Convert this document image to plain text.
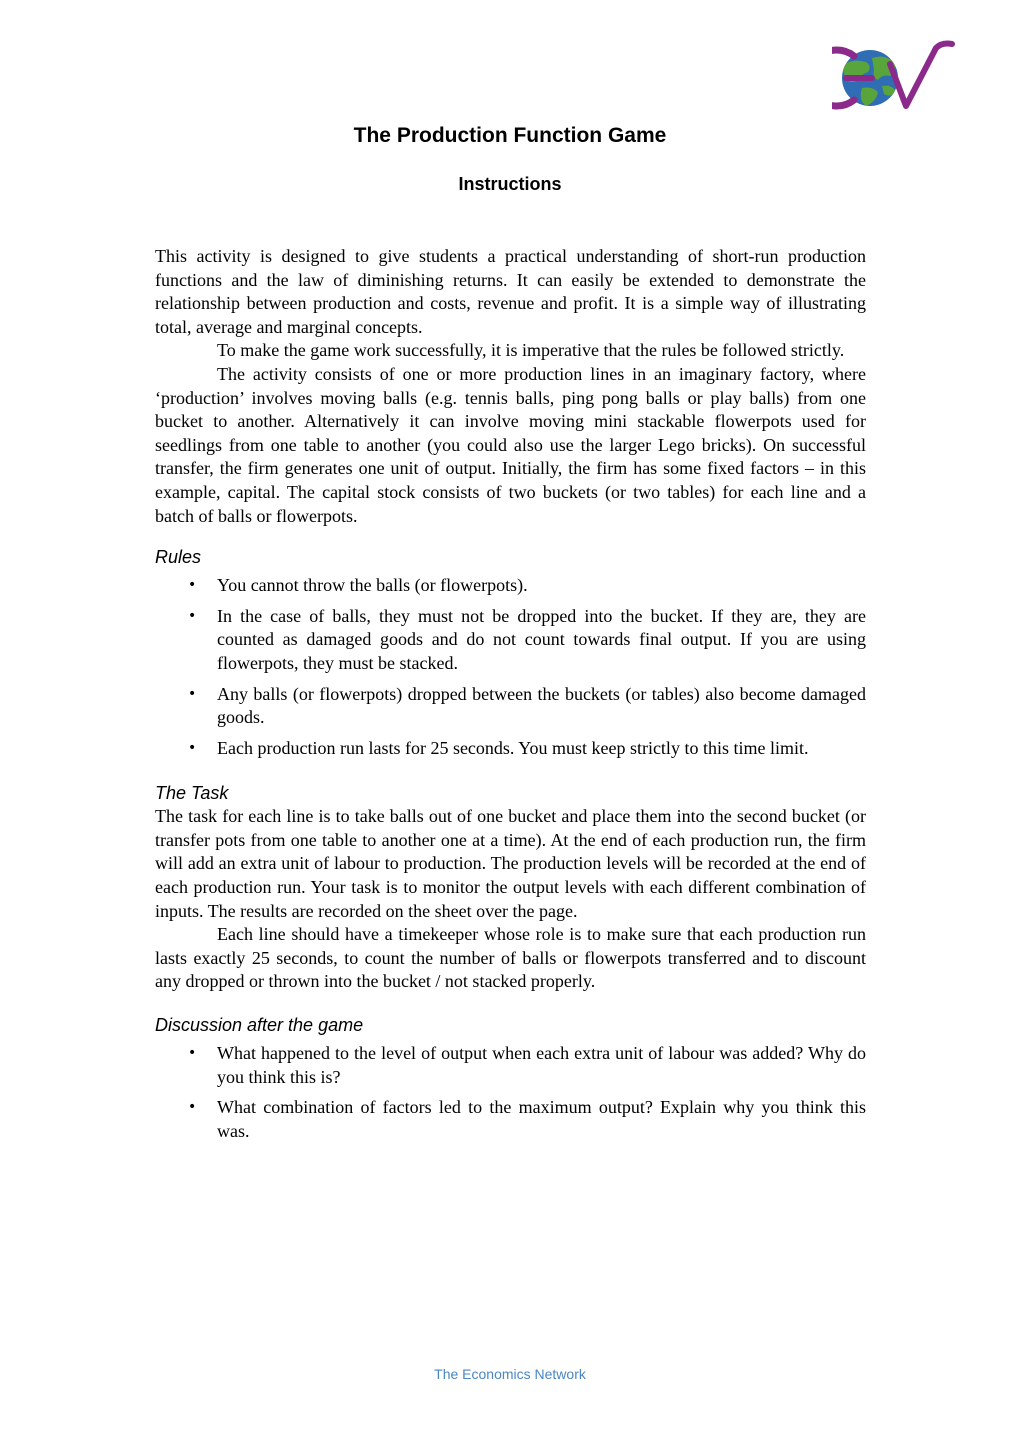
The Production Function Game
Instructions

This activity is designed to give students a practical understanding of short-run production functions and the law of diminishing returns. It can easily be extended to demonstrate the relationship between production and costs, revenue and profit. It is a simple way of illustrating total, average and marginal concepts.

To make the game work successfully, it is imperative that the rules be followed strictly.

The activity consists of one or more production lines in an imaginary factory, where ‘production’ involves moving balls (e.g. tennis balls, ping pong balls or play balls) from one bucket to another. Alternatively it can involve moving mini stackable flowerpots used for seedlings from one table to another (you could also use the larger Lego bricks). On successful transfer, the firm generates one unit of output. Initially, the firm has some fixed factors – in this example, capital. The capital stock consists of two buckets (or two tables) for each line and a batch of balls or flowerpots.

Rules
• You cannot throw the balls (or flowerpots).
• In the case of balls, they must not be dropped into the bucket. If they are, they are counted as damaged goods and do not count towards final output. If you are using flowerpots, they must be stacked.
• Any balls (or flowerpots) dropped between the buckets (or tables) also become damaged goods.
• Each production run lasts for 25 seconds. You must keep strictly to this time limit.
The Task

The task for each line is to take balls out of one bucket and place them into the second bucket (or transfer pots from one table to another one at a time). At the end of each production run, the firm will add an extra unit of labour to production. The production levels will be recorded at the end of each production run. Your task is to monitor the output levels with each different combination of inputs. The results are recorded on the sheet over the page.

Each line should have a timekeeper whose role is to make sure that each production run lasts exactly 25 seconds, to count the number of balls or flowerpots transferred and to discount any dropped or thrown into the bucket / not stacked properly.

Discussion after the game
• What happened to the level of output when each extra unit of labour was added? Why do you think this is?
• What combination of factors led to the maximum output? Explain why you think this was.
The Economics Network
